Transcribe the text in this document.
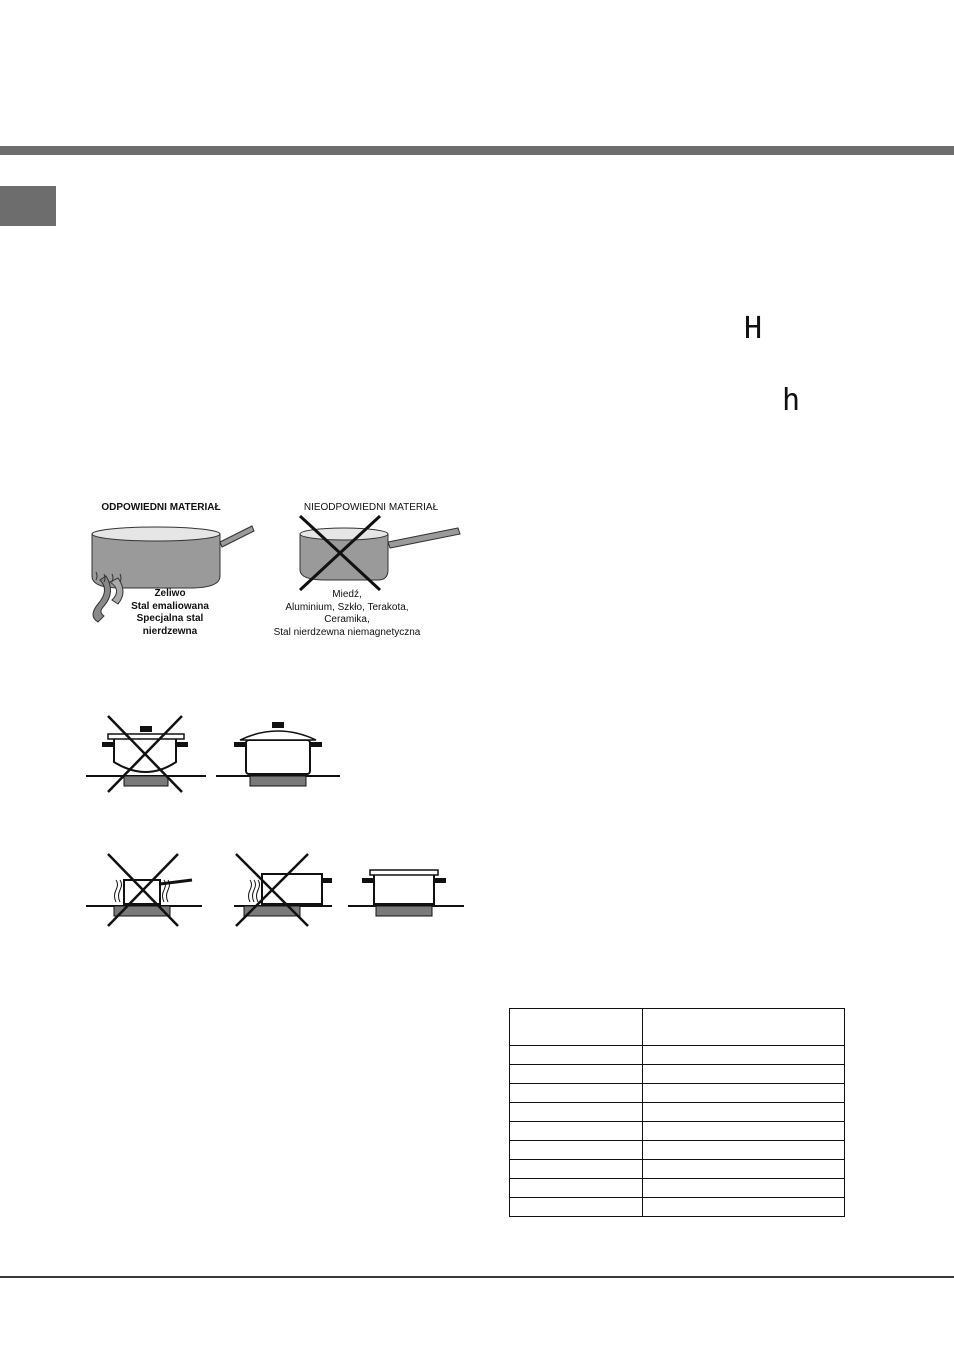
H
h
ODPOWIEDNI MATERIAŁ
Żeliwo
Stal emaliowana
Specjalna stal
nierdzewna
NIEODPOWIEDNI MATERIAŁ
Miedź,
Aluminium, Szkło, Terakota,
Ceramika,
Stal nierdzewna niemagnetyczna
